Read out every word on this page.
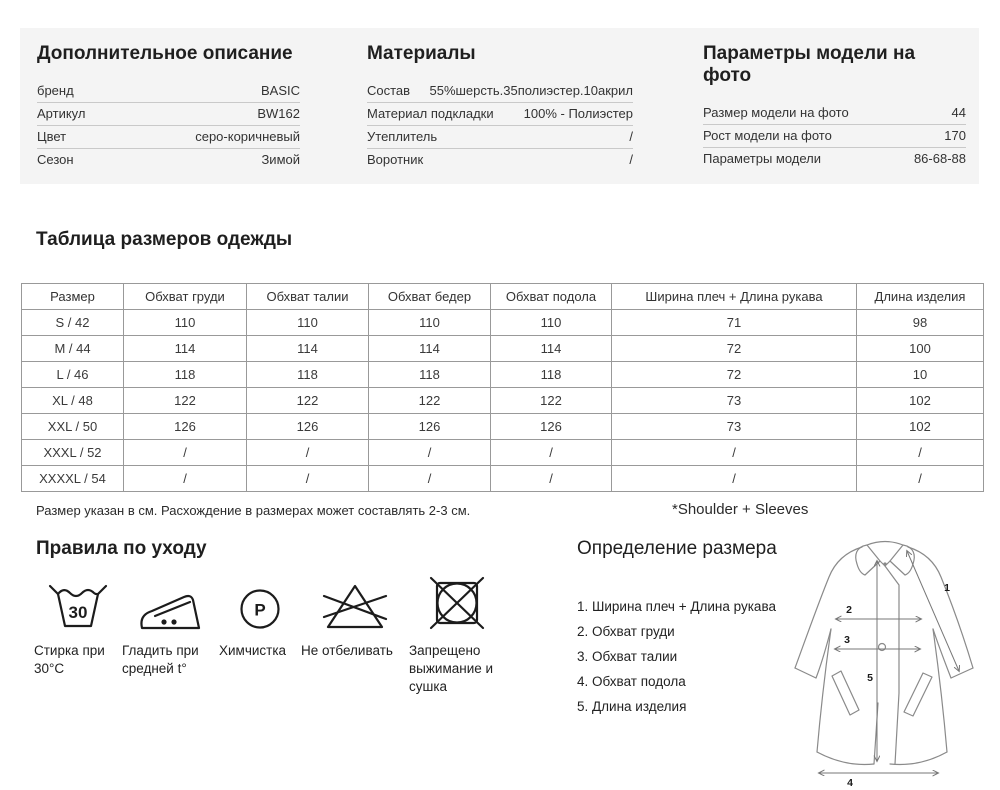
Дополнительное описание
бренд	BASIC
Артикул	BW162
Цвет	серо-коричневый
Сезон	Зимой
Материалы
Состав 55%шерсть.35полиэстер.10акрил
Материал подкладки 100% - Полиэстер
Утеплитель	/
Воротник	/
Параметры модели на фото
Размер модели на фото	44
Рост модели на фото	170
Параметры модели	86-68-88
Таблица размеров одежды
Размер	Обхват груди	Обхват талии	Обхват бедер	Обхват подола	Ширина плеч + Длина рукава	Длина изделия
S / 42	110	110	110	110	71	98
M / 44	114	114	114	114	72	100
L / 46	118	118	118	118	72	10
XL / 48	122	122	122	122	73	102
XXL / 50	126	126	126	126	73	102
XXXL / 52	/	/	/	/	/	/
XXXXL / 54	/	/	/	/	/	/
Размер указан в см. Расхождение в размерах может составлять 2-3 см.	*Shoulder + Sleeves
Правила по уходу
30
Стирка при 30°C
Гладить при средней t°
P
Химчистка	Не отбеливать	Запрещено выжимание и сушка
Определение размера
1. Ширина плеч + Длина рукава
2. Обхват груди
3. Обхват талии
4. Обхват подола
5. Длина изделия
1
2
3
4
5
